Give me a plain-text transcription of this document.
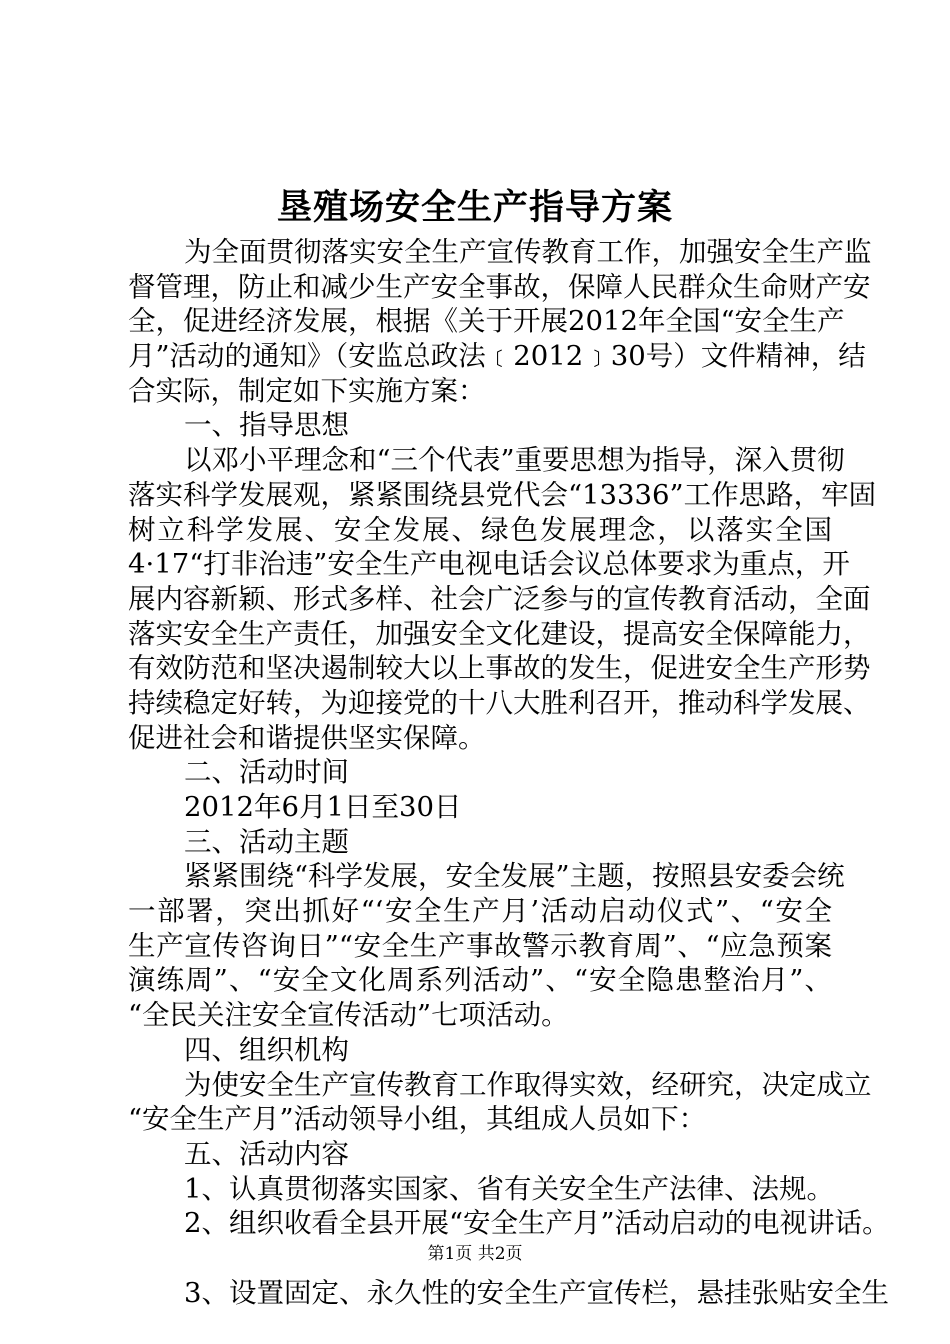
垦殖场安全生产指导方案
为全面贯彻落实安全生产宣传教育工作，加强安全生产监
督管理，防止和减少生产安全事故，保障人民群众生命财产安
全，促进经济发展，根据《关于开展2012年全国“安全生产
月”活动的通知》（安监总政法﹝2012﹞30号）文件精神，结
合实际，制定如下实施方案：
一、指导思想
以邓小平理念和“三个代表”重要思想为指导，深入贯彻
落实科学发展观，紧紧围绕县党代会“13336”工作思路，牢固
树立科学发展、安全发展、绿色发展理念，以落实全国
4·17“打非治违”安全生产电视电话会议总体要求为重点，开
展内容新颖、形式多样、社会广泛参与的宣传教育活动，全面
落实安全生产责任，加强安全文化建设，提高安全保障能力，
有效防范和坚决遏制较大以上事故的发生，促进安全生产形势
持续稳定好转，为迎接党的十八大胜利召开，推动科学发展、
促进社会和谐提供坚实保障。
二、活动时间
2012年6月1日至30日
三、活动主题
紧紧围绕“科学发展，安全发展”主题，按照县安委会统
一部署，突出抓好“‘安全生产月’活动启动仪式”、“安全
生产宣传咨询日”“安全生产事故警示教育周”、“应急预案
演练周”、“安全文化周系列活动”、“安全隐患整治月”、
“全民关注安全宣传活动”七项活动。
四、组织机构
为使安全生产宣传教育工作取得实效，经研究，决定成立
“安全生产月”活动领导小组，其组成人员如下：
五、活动内容
1、认真贯彻落实国家、省有关安全生产法律、法规。
2、组织收看全县开展“安全生产月”活动启动的电视讲话。
3、设置固定、永久性的安全生产宣传栏，悬挂张贴安全生
第1页 共2页
